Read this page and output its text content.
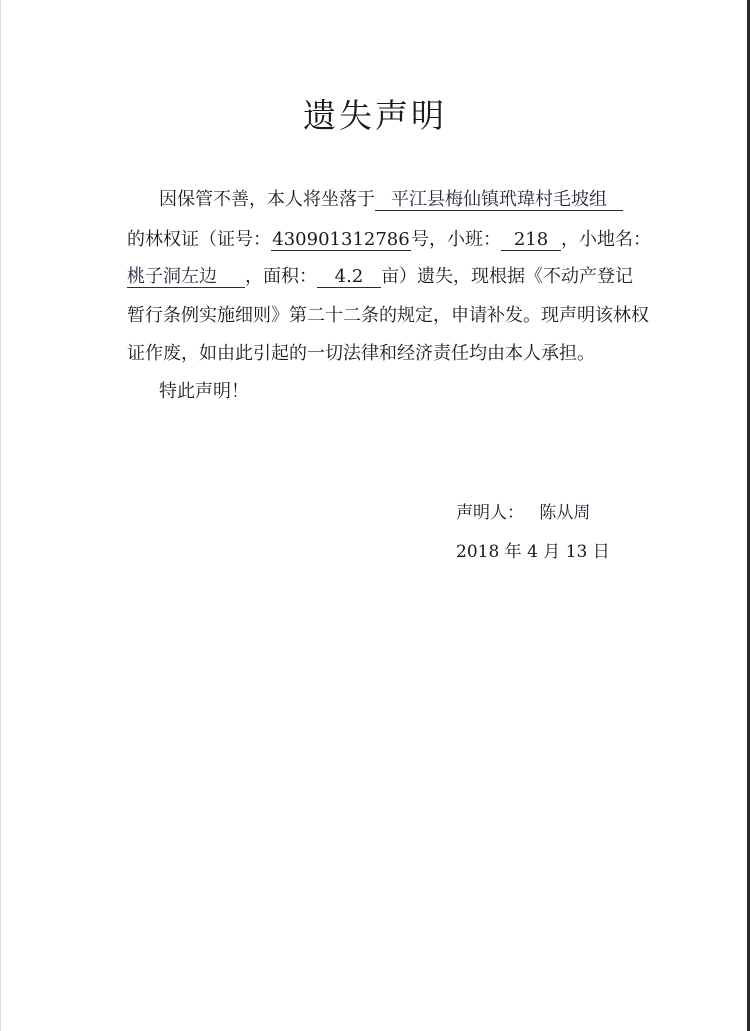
遗失声明
因保管不善，本人将坐落于 平江县梅仙镇玳瑋村毛坡组
的林权证（证号：430901312786号，小班： 218 ，小地名：
桃子洞左边 ，面积： 4.2 亩）遗失，现根据《不动产登记
暂行条例实施细则》第二十二条的规定，申请补发。现声明该林权
证作废，如由此引起的一切法律和经济责任均由本人承担。
特此声明！
声明人： 陈从周
2018 年 4 月 13 日
